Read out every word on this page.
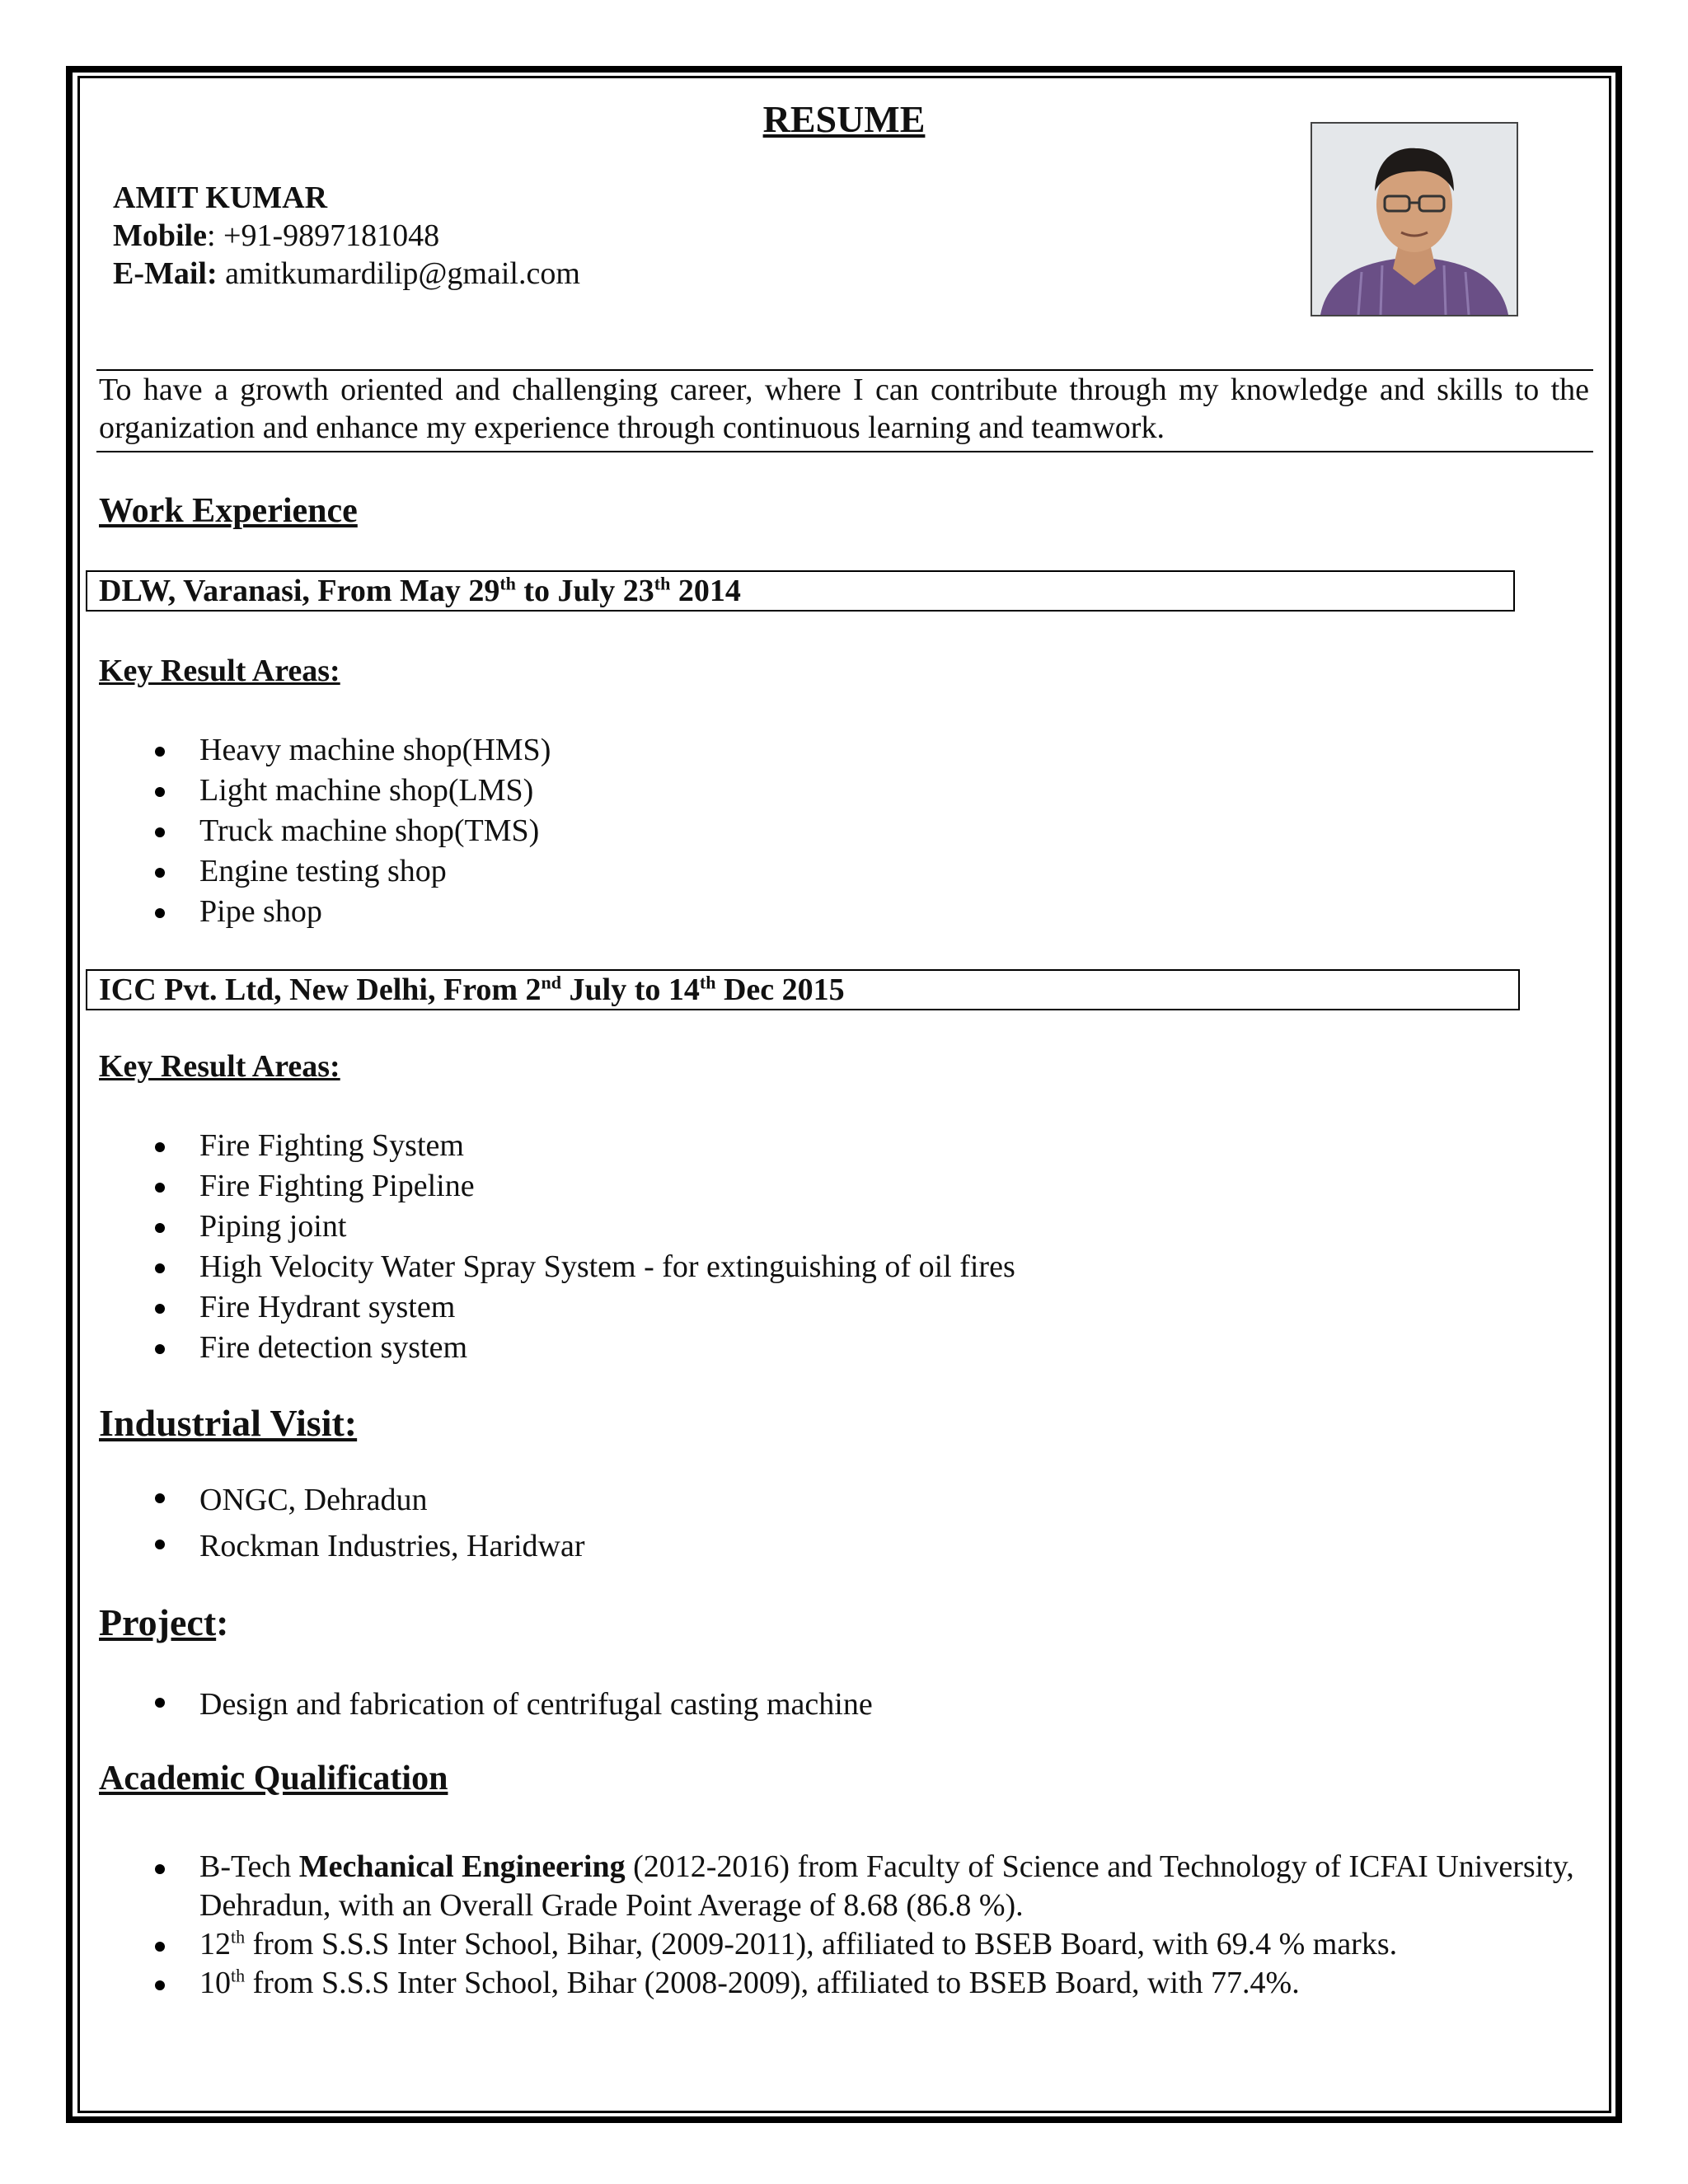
RESUME
AMIT KUMAR
Mobile: +91-9897181048
E-Mail: amitkumardilip@gmail.com

To have a growth oriented and challenging career, where I can contribute through my knowledge and skills to the organization and enhance my experience through continuous learning and teamwork.

Work Experience
DLW, Varanasi, From May 29th to July 23th 2014
Key Result Areas:
Heavy machine shop(HMS)
Light machine shop(LMS)
Truck machine shop(TMS)
Engine testing shop
Pipe shop
ICC Pvt. Ltd, New Delhi, From 2nd July to 14th Dec 2015
Key Result Areas:
Fire Fighting System
Fire Fighting Pipeline
Piping joint
High Velocity Water Spray System - for extinguishing of oil fires
Fire Hydrant system
Fire detection system
Industrial Visit:
ONGC, Dehradun
Rockman Industries, Haridwar
Project:
Design and fabrication of centrifugal casting machine
Academic Qualification
B-Tech Mechanical Engineering (2012-2016) from Faculty of Science and Technology of ICFAI University, Dehradun, with an Overall Grade Point Average of 8.68 (86.8 %).
12th from S.S.S Inter School, Bihar, (2009-2011), affiliated to BSEB Board, with 69.4 % marks.
10th from S.S.S Inter School, Bihar (2008-2009), affiliated to BSEB Board, with 77.4%.
